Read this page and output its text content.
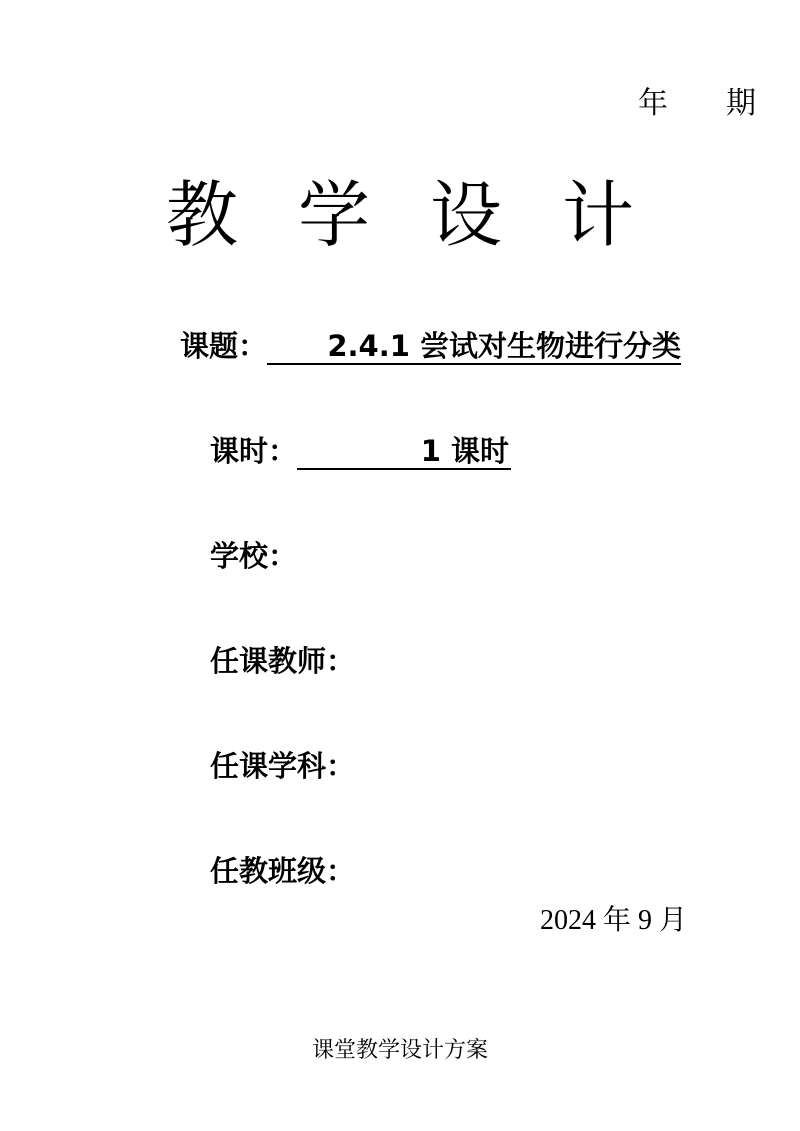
年 期
教学设计
课题： 2.4.1 尝试对生物进行分类
课时：	1 课时
学校：
任课教师：
任课学科：
任教班级：
2024 年 9 月
课堂教学设计方案
